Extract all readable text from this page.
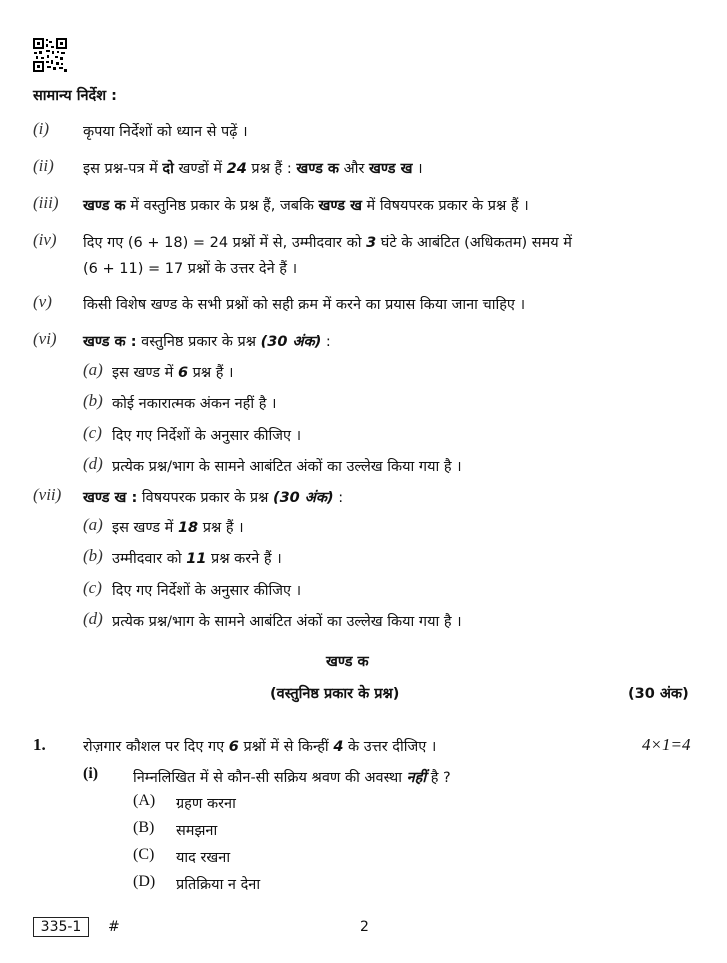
सामान्य निर्देश :
(i) कृपया निर्देशों को ध्यान से पढ़ें ।
(ii) इस प्रश्न-पत्र में दो खण्डों में 24 प्रश्न हैं : खण्ड क और खण्ड ख ।
(iii) खण्ड क में वस्तुनिष्ठ प्रकार के प्रश्न हैं, जबकि खण्ड ख में विषयपरक प्रकार के प्रश्न हैं ।
(iv) दिए गए (6 + 18) = 24 प्रश्नों में से, उम्मीदवार को 3 घंटे के आबंटित (अधिकतम) समय में
(6 + 11) = 17 प्रश्नों के उत्तर देने हैं ।
(v) किसी विशेष खण्ड के सभी प्रश्नों को सही क्रम में करने का प्रयास किया जाना चाहिए ।
(vi) खण्ड क : वस्तुनिष्ठ प्रकार के प्रश्न (30 अंक) :
(a) इस खण्ड में 6 प्रश्न हैं ।
(b) कोई नकारात्मक अंकन नहीं है ।
(c) दिए गए निर्देशों के अनुसार कीजिए ।
(d) प्रत्येक प्रश्न/भाग के सामने आबंटित अंकों का उल्लेख किया गया है ।
(vii) खण्ड ख : विषयपरक प्रकार के प्रश्न (30 अंक) :
(a) इस खण्ड में 18 प्रश्न हैं ।
(b) उम्मीदवार को 11 प्रश्न करने हैं ।
(c) दिए गए निर्देशों के अनुसार कीजिए ।
(d) प्रत्येक प्रश्न/भाग के सामने आबंटित अंकों का उल्लेख किया गया है ।
खण्ड क
(वस्तुनिष्ठ प्रकार के प्रश्न)	(30 अंक)
1.	रोज़गार कौशल पर दिए गए 6 प्रश्नों में से किन्हीं 4 के उत्तर दीजिए ।	4×1=4
(i) निम्नलिखित में से कौन-सी सक्रिय श्रवण की अवस्था नहीं है ?
(A) ग्रहण करना
(B) समझना
(C) याद रखना
(D) प्रतिक्रिया न देना
335-1	#	2
